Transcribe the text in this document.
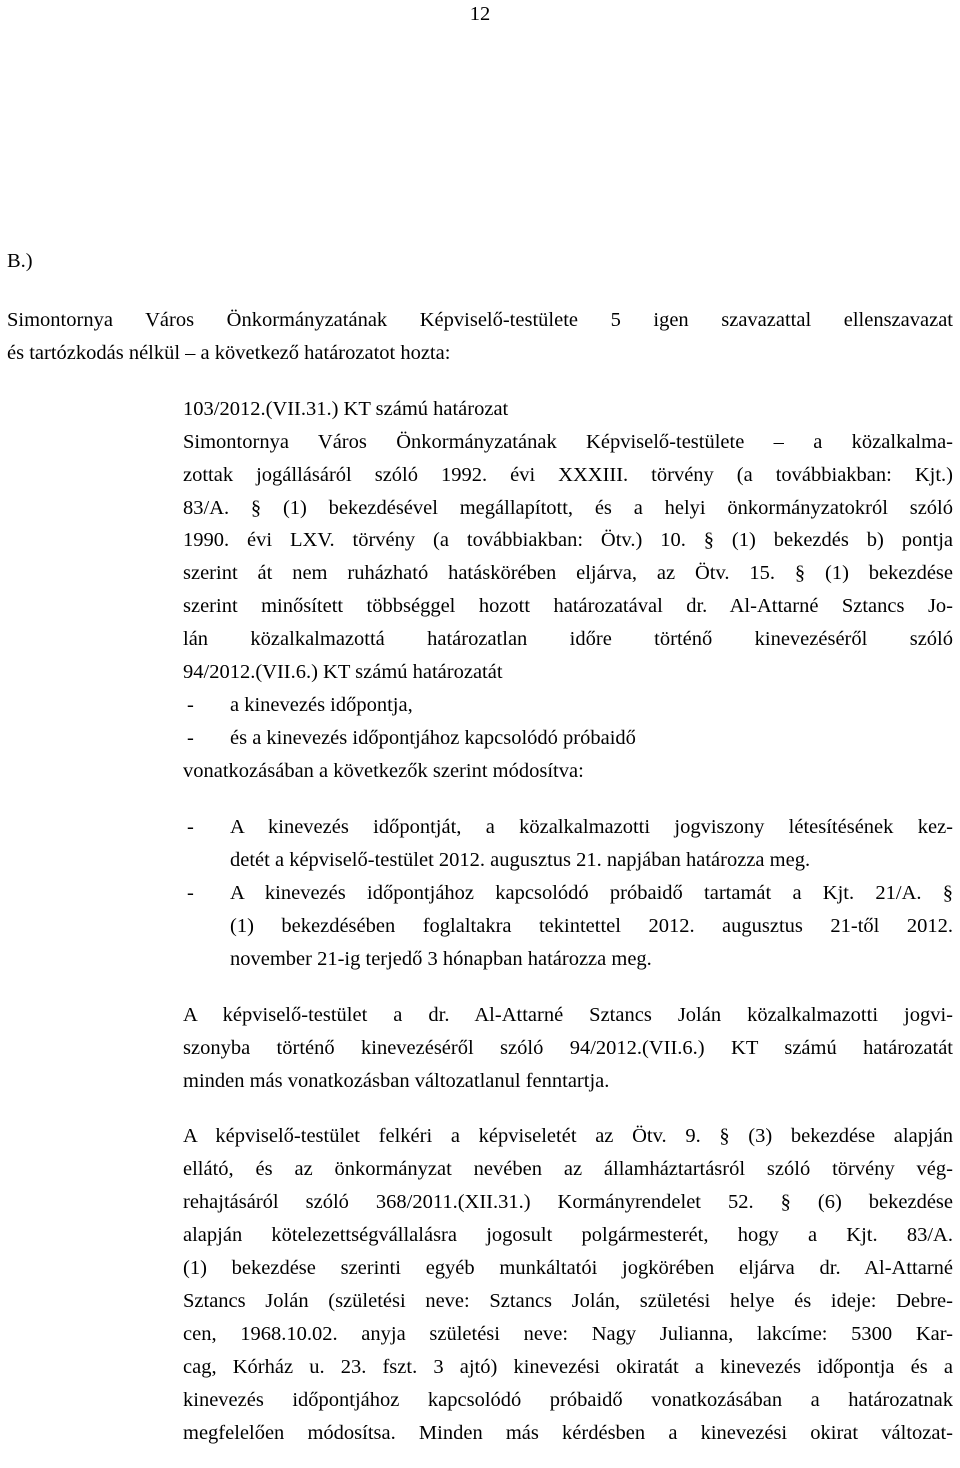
12
B.)
Simontornya Város Önkormányzatának Képviselő-testülete 5 igen szavazattal ellenszavazat
és tartózkodás nélkül – a következő határozatot hozta:
103/2012.(VII.31.) KT számú határozat
Simontornya Város Önkormányzatának Képviselő-testülete – a közalkalma-
zottak jogállásáról szóló 1992. évi XXXIII. törvény (a továbbiakban: Kjt.)
83/A. § (1) bekezdésével megállapított, és a helyi önkormányzatokról szóló
1990. évi LXV. törvény (a továbbiakban: Ötv.) 10. § (1) bekezdés b) pontja
szerint át nem ruházható hatáskörében eljárva, az Ötv. 15. § (1) bekezdése
szerint minősített többséggel hozott határozatával dr. Al-Attarné Sztancs Jo-
lán közalkalmazottá határozatlan időre történő kinevezéséről szóló
94/2012.(VII.6.) KT számú határozatát
- a kinevezés időpontja,
- és a kinevezés időpontjához kapcsolódó próbaidő
vonatkozásában a következők szerint módosítva:
- A kinevezés időpontját, a közalkalmazotti jogviszony létesítésének kez-
detét a képviselő-testület 2012. augusztus 21. napjában határozza meg.
- A kinevezés időpontjához kapcsolódó próbaidő tartamát a Kjt. 21/A. §
(1) bekezdésében foglaltakra tekintettel 2012. augusztus 21-től 2012.
november 21-ig terjedő 3 hónapban határozza meg.
A képviselő-testület a dr. Al-Attarné Sztancs Jolán közalkalmazotti jogvi-
szonyba történő kinevezéséről szóló 94/2012.(VII.6.) KT számú határozatát
minden más vonatkozásban változatlanul fenntartja.
A képviselő-testület felkéri a képviseletét az Ötv. 9. § (3) bekezdése alapján
ellátó, és az önkormányzat nevében az államháztartásról szóló törvény vég-
rehajtásáról szóló 368/2011.(XII.31.) Kormányrendelet 52. § (6) bekezdése
alapján kötelezettségvállalásra jogosult polgármesterét, hogy a Kjt. 83/A.
(1) bekezdése szerinti egyéb munkáltatói jogkörében eljárva dr. Al-Attarné
Sztancs Jolán (születési neve: Sztancs Jolán, születési helye és ideje: Debre-
cen, 1968.10.02. anyja születési neve: Nagy Julianna, lakcíme: 5300 Kar-
cag, Kórház u. 23. fszt. 3 ajtó) kinevezési okiratát a kinevezés időpontja és a
kinevezés időpontjához kapcsolódó próbaidő vonatkozásában a határozatnak
megfelelően módosítsa. Minden más kérdésben a kinevezési okirat változat-
